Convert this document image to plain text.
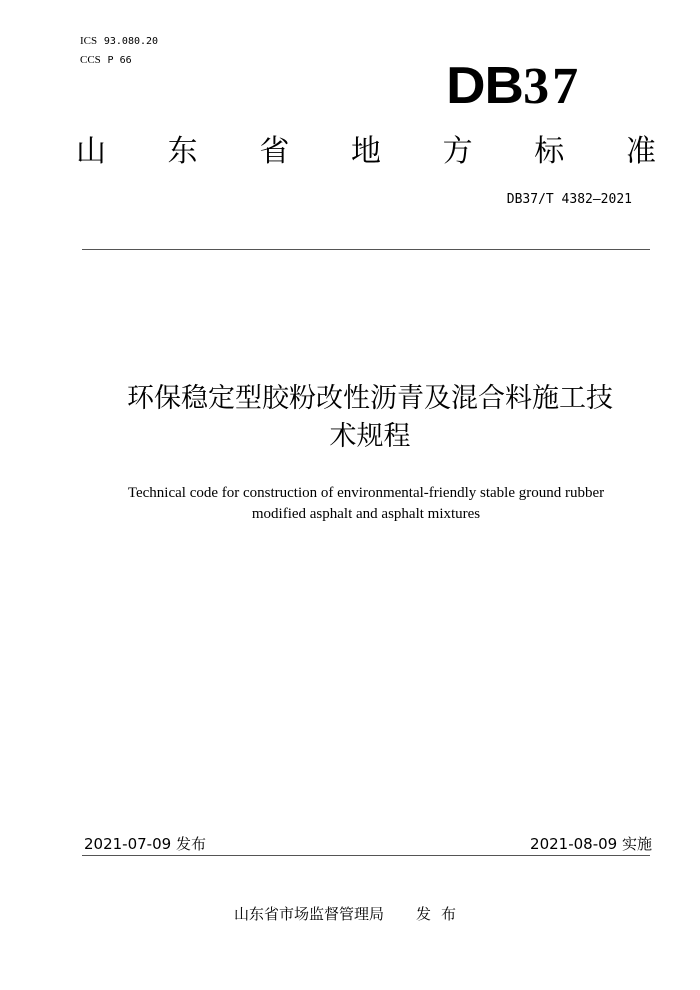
ICS 93.080.20
CCS P 66	DB37
山 东 省 地 方 标 准
DB37/T 4382—2021
环保稳定型胶粉改性沥青及混合料施工技
术规程
Technical code for construction of environmental-friendly stable ground rubber
modified asphalt and asphalt mixtures
2021-07-09 发布	2021-08-09 实施
山东省市场监督管理局 发布
